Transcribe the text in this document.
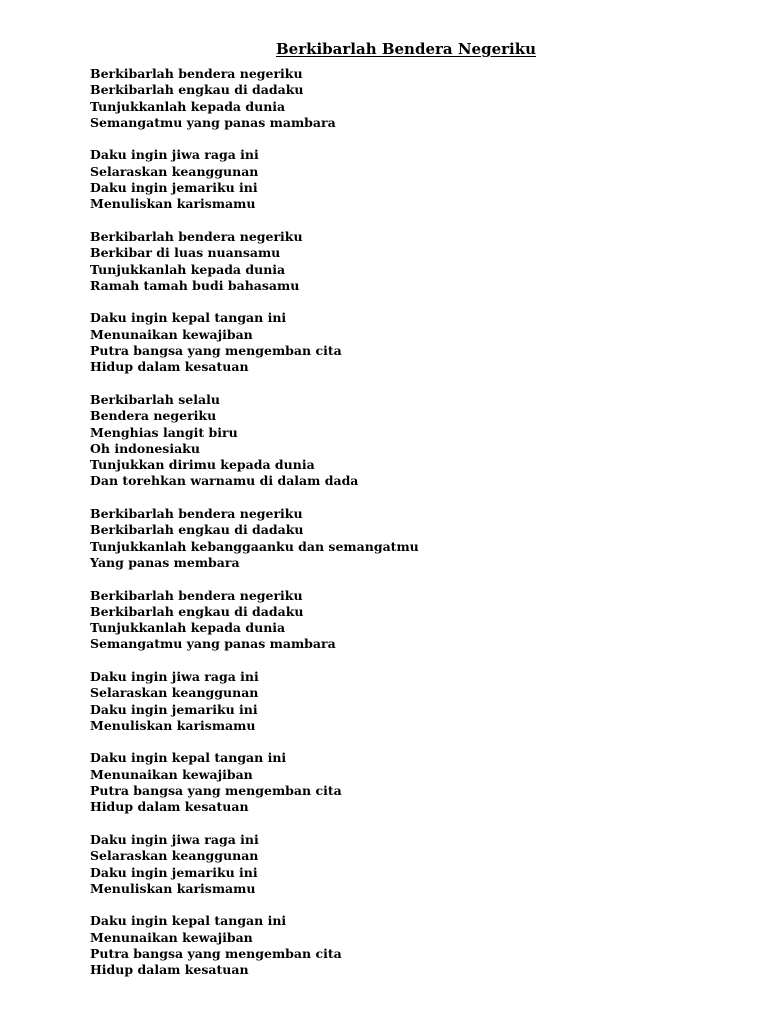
Berkibarlah Bendera Negeriku
Berkibarlah bendera negeriku
Berkibarlah engkau di dadaku
Tunjukkanlah kepada dunia
Semangatmu yang panas mambara
Daku ingin jiwa raga ini
Selaraskan keanggunan
Daku ingin jemariku ini
Menuliskan karismamu
Berkibarlah bendera negeriku
Berkibar di luas nuansamu
Tunjukkanlah kepada dunia
Ramah tamah budi bahasamu
Daku ingin kepal tangan ini
Menunaikan kewajiban
Putra bangsa yang mengemban cita
Hidup dalam kesatuan
Berkibarlah selalu
Bendera negeriku
Menghias langit biru
Oh indonesiaku
Tunjukkan dirimu kepada dunia
Dan torehkan warnamu di dalam dada
Berkibarlah bendera negeriku
Berkibarlah engkau di dadaku
Tunjukkanlah kebanggaanku dan semangatmu
Yang panas membara
Berkibarlah bendera negeriku
Berkibarlah engkau di dadaku
Tunjukkanlah kepada dunia
Semangatmu yang panas mambara
Daku ingin jiwa raga ini
Selaraskan keanggunan
Daku ingin jemariku ini
Menuliskan karismamu
Daku ingin kepal tangan ini
Menunaikan kewajiban
Putra bangsa yang mengemban cita
Hidup dalam kesatuan
Daku ingin jiwa raga ini
Selaraskan keanggunan
Daku ingin jemariku ini
Menuliskan karismamu
Daku ingin kepal tangan ini
Menunaikan kewajiban
Putra bangsa yang mengemban cita
Hidup dalam kesatuan
